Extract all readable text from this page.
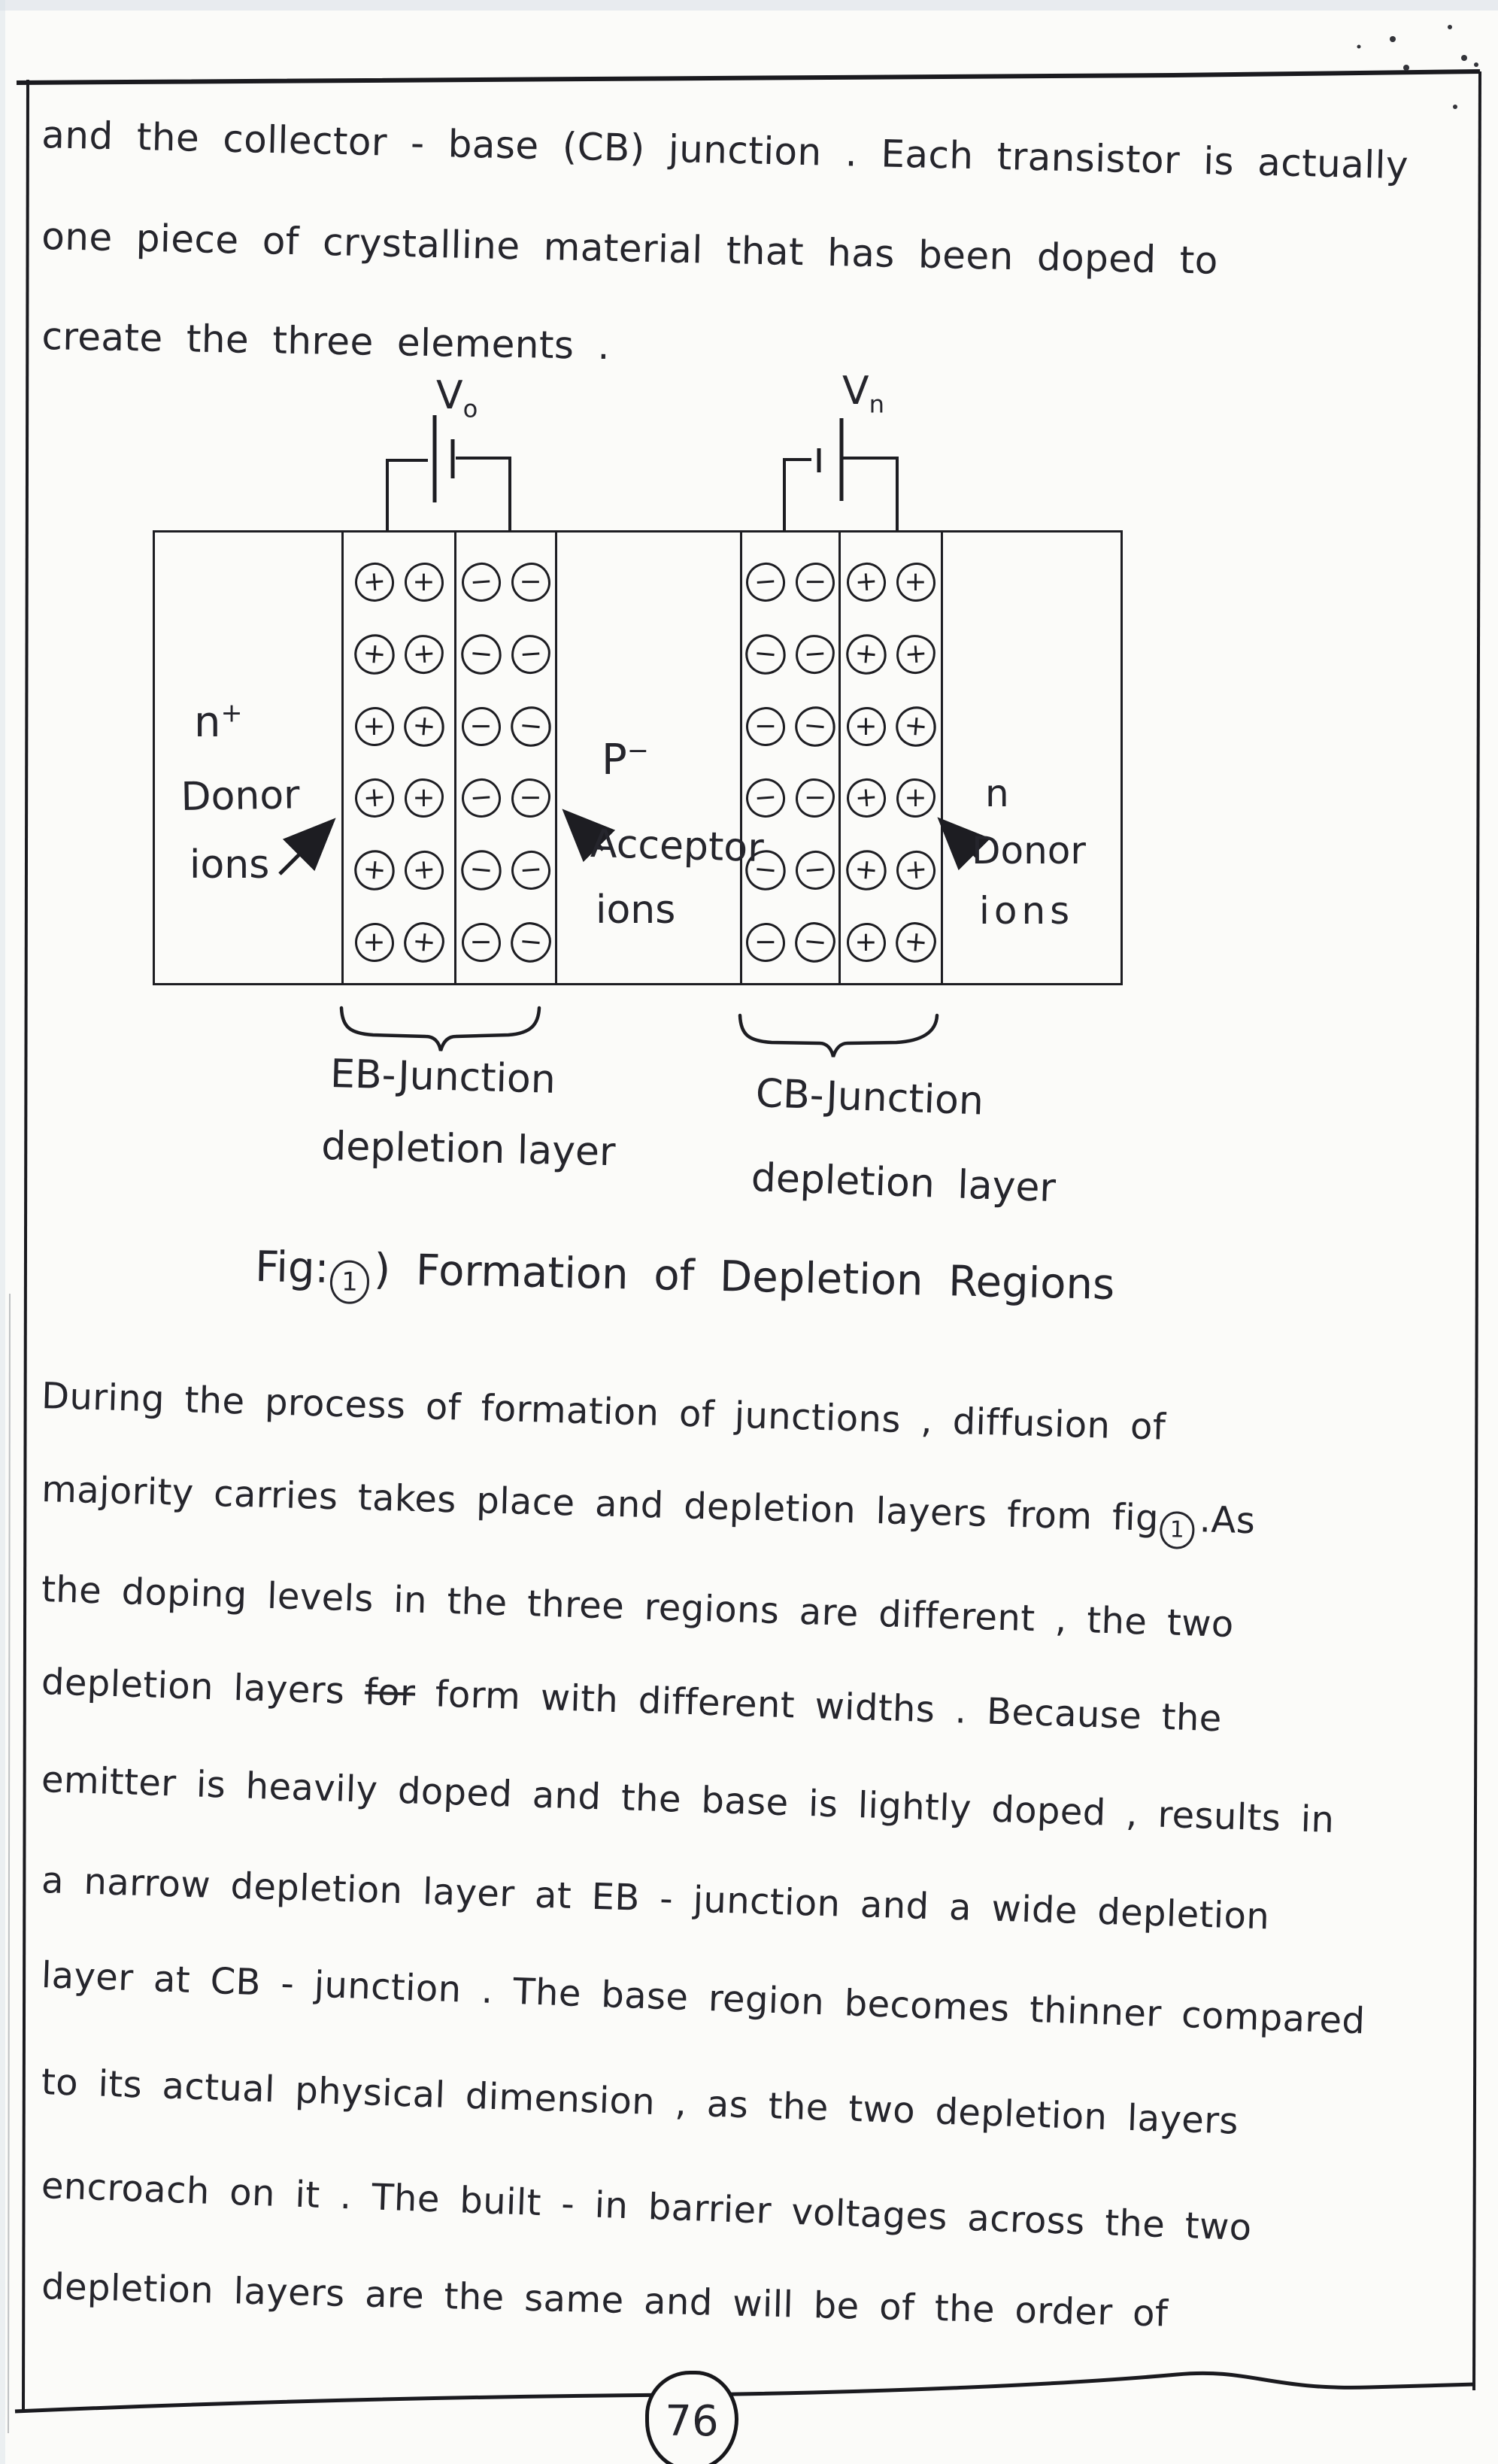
and the collector - base (CB) junction . Each transistor is actually
one piece of crystalline material that has been doped to
create the three elements .
+ +
+ +
+ +
+ +
+ +
+ +
− −
− −
− −
− −
− −
− −
− −
− −
− −
− −
− −
− −
+ +
+ +
+ +
+ +
+ +
+ +
$V_o$	$V_n$
n+
Donor
ions
P−
Acceptor
ions
n
Donor
ions
EB-Junction
depletion layer
CB-Junction
depletion layer
Fig: 1 ) Formation of Depletion Regions
During the process of formation of junctions , diffusion of
majority carries takes place and depletion layers from fig 1 .As
the doping levels in the three regions are different , the two
depletion layers for form with different widths . Because the
emitter is heavily doped and the base is lightly doped , results in
a narrow depletion layer at EB - junction and a wide depletion
layer at CB - junction . The base region becomes thinner compared
to its actual physical dimension , as the two depletion layers
encroach on it . The built - in barrier voltages across the two
depletion layers are the same and will be of the order of
76
